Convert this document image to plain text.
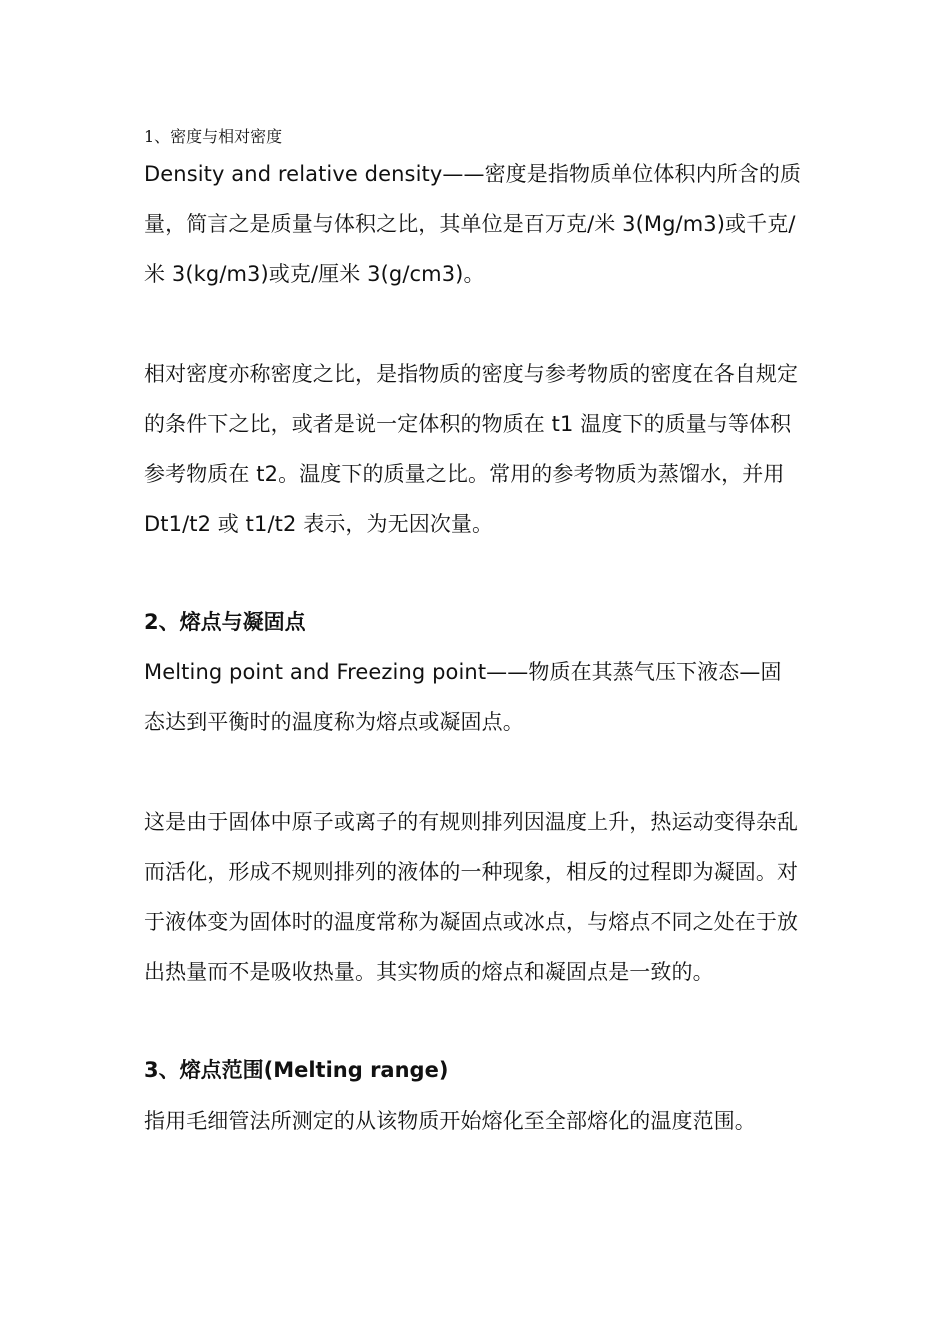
1、密度与相对密度
Density and relative density——密度是指物质单位体积内所含的质
量，简言之是质量与体积之比，其单位是百万克/米 3(Mg/m3)或千克/
米 3(kg/m3)或克/厘米 3(g/cm3)。
相对密度亦称密度之比，是指物质的密度与参考物质的密度在各自规定
的条件下之比，或者是说一定体积的物质在 t1 温度下的质量与等体积
参考物质在 t2。温度下的质量之比。常用的参考物质为蒸馏水，并用
Dt1/t2 或 t1/t2 表示，为无因次量。
2、熔点与凝固点
Melting point and Freezing point——物质在其蒸气压下液态—固
态达到平衡时的温度称为熔点或凝固点。
这是由于固体中原子或离子的有规则排列因温度上升，热运动变得杂乱
而活化，形成不规则排列的液体的一种现象，相反的过程即为凝固。对
于液体变为固体时的温度常称为凝固点或冰点，与熔点不同之处在于放
出热量而不是吸收热量。其实物质的熔点和凝固点是一致的。
3、熔点范围(Melting range)
指用毛细管法所测定的从该物质开始熔化至全部熔化的温度范围。
